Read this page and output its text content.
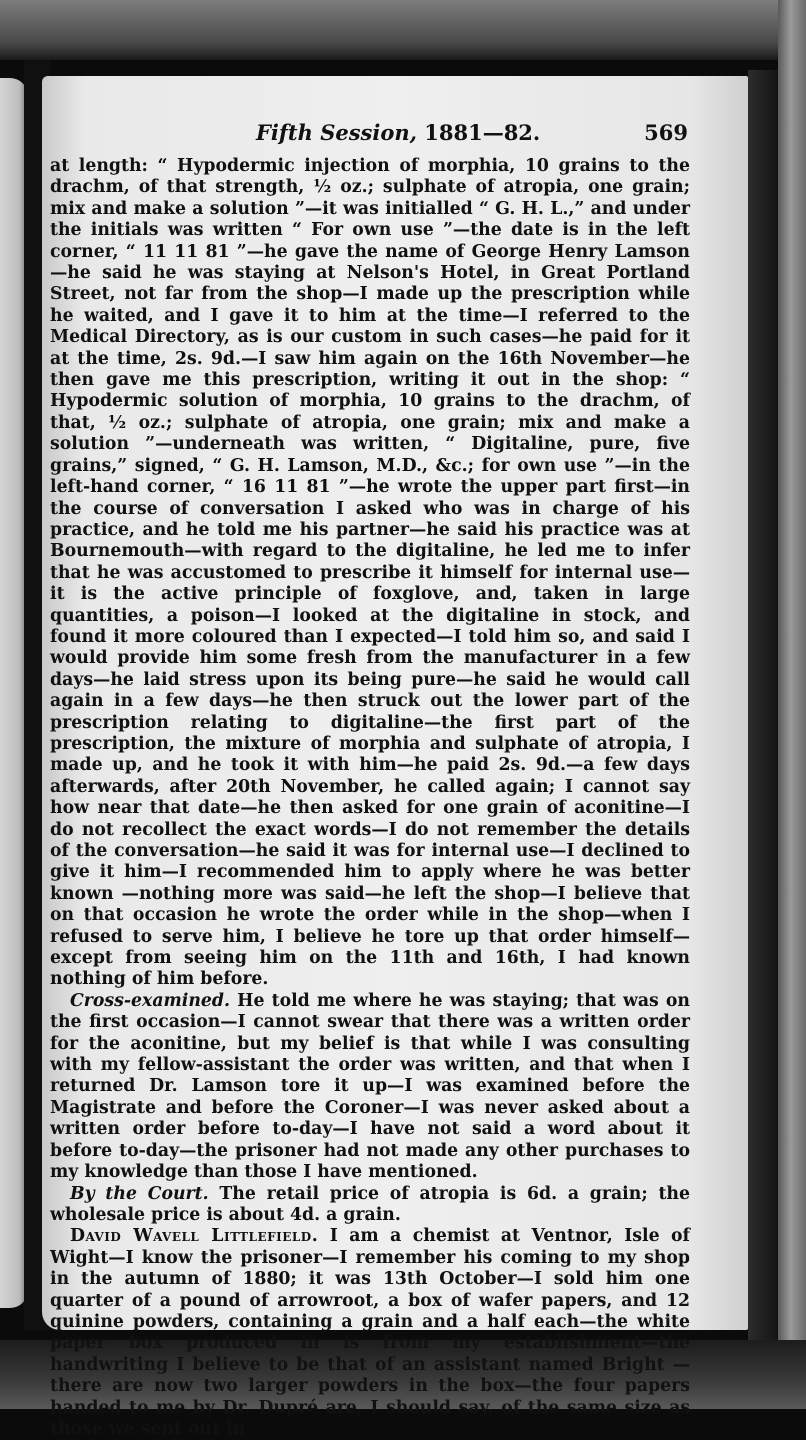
Fifth Session, 1881—82.	569

at length: “ Hypodermic injection of morphia, 10 grains to the drachm, of that strength, ½ oz.; sulphate of atropia, one grain; mix and make a solution ”—it was initialled “ G. H. L.,” and under the initials was written “ For own use ”—the date is in the left corner, “ 11 11 81 ”—he gave the name of George Henry Lamson—he said he was staying at Nelson's Hotel, in Great Portland Street, not far from the shop—I made up the prescription while he waited, and I gave it to him at the time—I referred to the Medical Directory, as is our custom in such cases—he paid for it at the time, 2s. 9d.—I saw him again on the 16th November—he then gave me this prescription, writing it out in the shop: “ Hypodermic solution of morphia, 10 grains to the drachm, of that, ½ oz.; sulphate of atropia, one grain; mix and make a solution ”—underneath was written, “ Digitaline, pure, five grains,” signed, “ G. H. Lamson, M.D., &c.; for own use ”—in the left-hand corner, “ 16 11 81 ”—he wrote the upper part first—in the course of conversation I asked who was in charge of his practice, and he told me his partner—he said his practice was at Bournemouth—with regard to the digitaline, he led me to infer that he was accustomed to prescribe it himself for internal use—it is the active principle of foxglove, and, taken in large quantities, a poison—I looked at the digitaline in stock, and found it more coloured than I expected—I told him so, and said I would provide him some fresh from the manufacturer in a few days—he laid stress upon its being pure—he said he would call again in a few days—he then struck out the lower part of the prescription relating to digitaline—the first part of the prescription, the mixture of morphia and sulphate of atropia, I made up, and he took it with him—he paid 2s. 9d.—a few days afterwards, after 20th November, he called again; I cannot say how near that date—he then asked for one grain of aconitine—I do not recollect the exact words—I do not remember the details of the conversation—he said it was for internal use—I declined to give it him—I recommended him to apply where he was better known —nothing more was said—he left the shop—I believe that on that occasion he wrote the order while in the shop—when I refused to serve him, I believe he tore up that order himself—except from seeing him on the 11th and 16th, I had known nothing of him before.

Cross-examined. He told me where he was staying; that was on the first occasion—I cannot swear that there was a written order for the aconitine, but my belief is that while I was consulting with my fellow-assistant the order was written, and that when I returned Dr. Lamson tore it up—I was examined before the Magistrate and before the Coroner—I was never asked about a written order before to-day—I have not said a word about it before to-day—the prisoner had not made any other purchases to my knowledge than those I have mentioned.

By the Court. The retail price of atropia is 6d. a grain; the wholesale price is about 4d. a grain.

David Wavell Littlefield. I am a chemist at Ventnor, Isle of Wight—I know the prisoner—I remember his coming to my shop in the autumn of 1880; it was 13th October—I sold him one quarter of a pound of arrowroot, a box of wafer papers, and 12 quinine powders, containing a grain and a half each—the white paper box produced in is from my establishment—the handwriting I believe to be that of an assistant named Bright —there are now two larger powders in the box—the four papers handed to me by Dr. Dupré are, I should say, of the same size as those we sent out in
